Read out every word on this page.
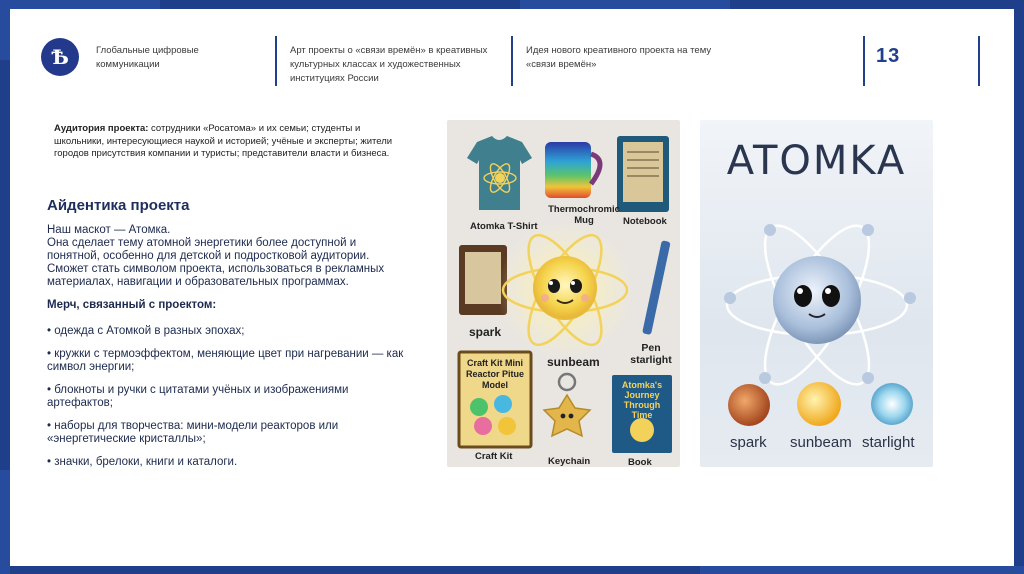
Ѣ	Глобальные цифровые коммуникации
Арт проекты о «связи времён» в креативных культурных классах и художественных институциях России
Идея нового креативного проекта на тему «связи времён»	13
Аудитория проекта: сотрудники «Росатома» и их семьи; студенты и школьники, интересующиеся наукой и историей; учёные и эксперты; жители городов присутствия компании и туристы; представители власти и бизнеса.
Айдентика проекта
Наш маскот — Атомка.

Она сделает тему атомной энергетики более доступной и понятной, особенно для детской и подростковой аудитории. Сможет стать символом проекта, использоваться в рекламных материалах, навигации и образовательных программах.

Мерч, связанный с проектом:

• одежда с Атомкой в разных эпохах;

• кружки с термоэффектом, меняющие цвет при нагревании — как символ энергии;

• блокноты и ручки с цитатами учёных и изображениями артефактов;

• наборы для творчества: мини-модели реакторов или «энергетические кристаллы»;

• значки, брелоки, книги и каталоги.

Atomka T-Shirt
Thermochromic Mug	Notebook
spark
sunbeam
Pen starlight
Craft Kit Mini Reactor Pitue Model
Craft Kit	Keychain
Atomka's Journey Through Time
Book
ATOMKA
spark sunbeam starlight
